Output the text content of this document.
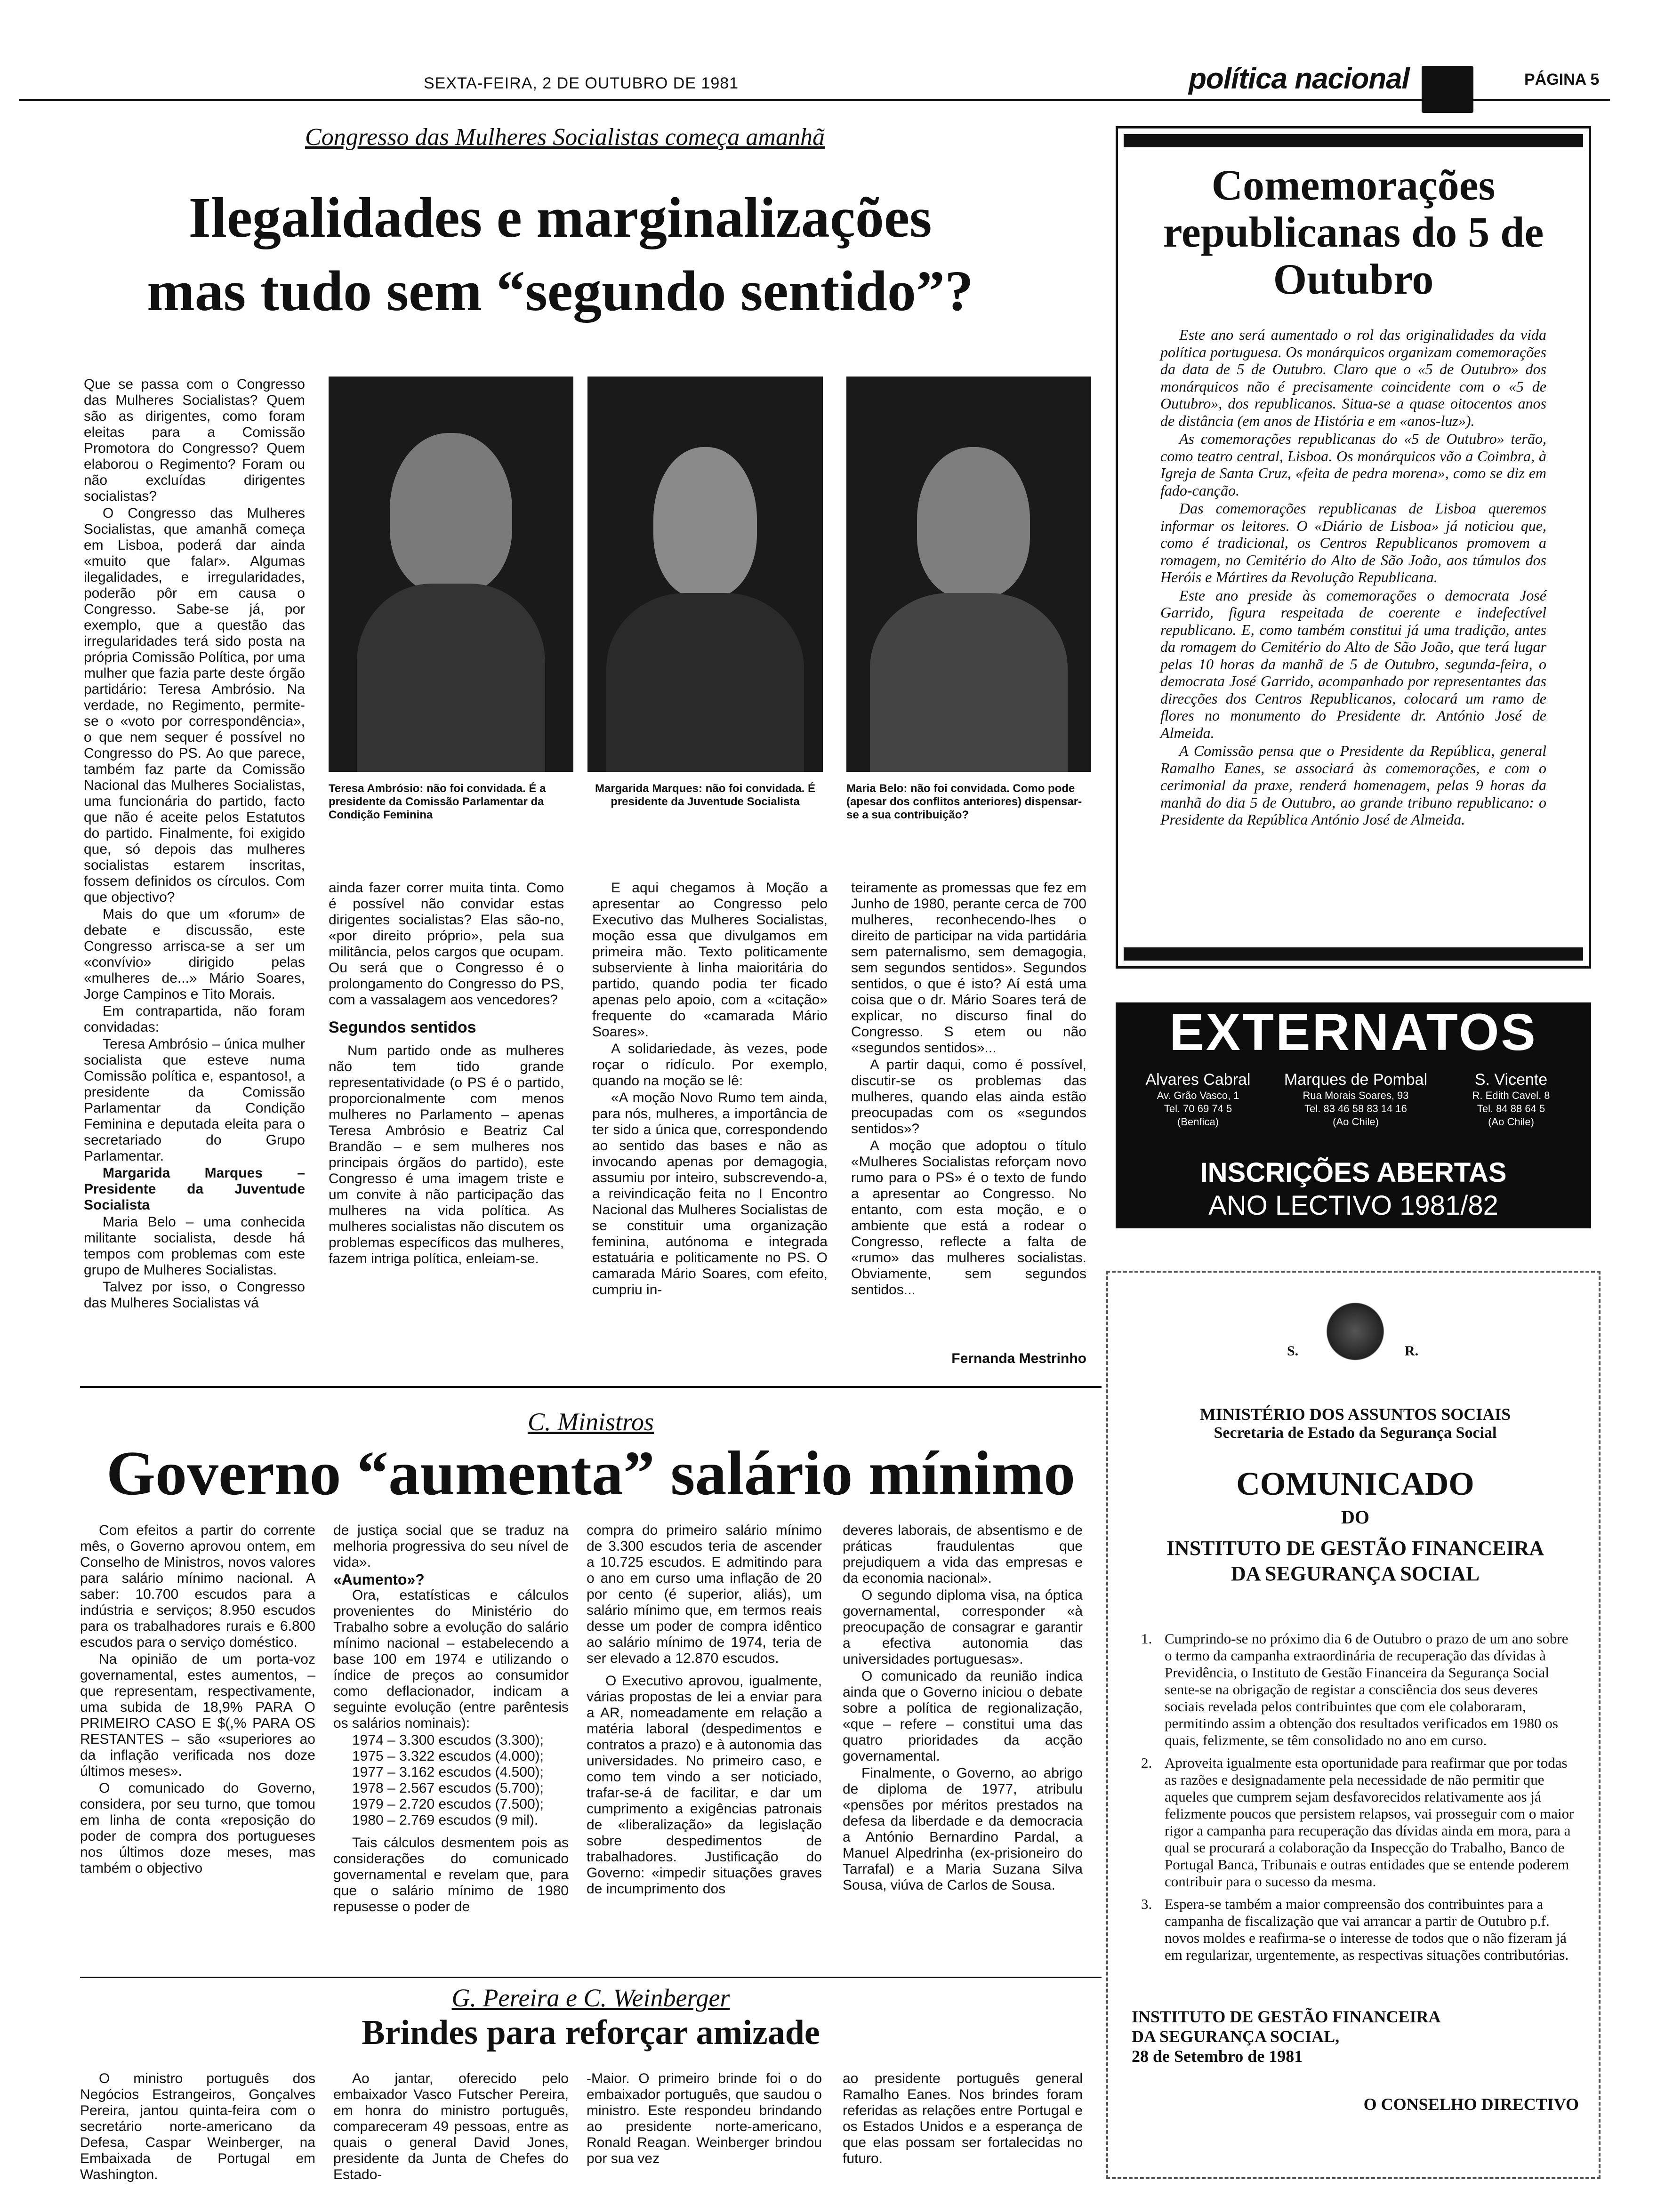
SEXTA-FEIRA, 2 DE OUTUBRO DE 1981	política nacional	PÁGINA 5
Congresso das Mulheres Socialistas começa amanhã
Ilegalidades e marginalizações
mas tudo sem “segundo sentido”?

Que se passa com o Congresso das Mulheres Socialistas? Quem são as dirigentes, como foram eleitas para a Comissão Promotora do Congresso? Quem elaborou o Regimento? Foram ou não excluídas dirigentes socialistas?

O Congresso das Mulheres Socialistas, que amanhã começa em Lisboa, poderá dar ainda «muito que falar». Algumas ilegalidades, e irregularidades, poderão pôr em causa o Congresso. Sabe-se já, por exemplo, que a questão das irregularidades terá sido posta na própria Comissão Política, por uma mulher que fazia parte deste órgão partidário: Teresa Ambrósio. Na verdade, no Regimento, permite-se o «voto por correspondência», o que nem sequer é possível no Congresso do PS. Ao que parece, também faz parte da Comissão Nacional das Mulheres Socialistas, uma funcionária do partido, facto que não é aceite pelos Estatutos do partido. Finalmente, foi exigido que, só depois das mulheres socialistas estarem inscritas, fossem definidos os círculos. Com que objectivo?

Mais do que um «forum» de debate e discussão, este Congresso arrisca-se a ser um «convívio» dirigido pelas «mulheres de...» Mário Soares, Jorge Campinos e Tito Morais.

Em contrapartida, não foram convidadas:

Teresa Ambrósio – única mulher socialista que esteve numa Comissão política e, espantoso!, a presidente da Comissão Parlamentar da Condição Feminina e deputada eleita para o secretariado do Grupo Parlamentar.

Margarida Marques – Presidente da Juventude Socialista

Maria Belo – uma conhecida militante socialista, desde há tempos com problemas com este grupo de Mulheres Socialistas.

Talvez por isso, o Congresso das Mulheres Socialistas vá

Teresa Ambrósio: não foi convidada. É a presidente da Comissão Parlamentar da Condição Feminina
Margarida Marques: não foi convidada. É presidente da Juventude Socialista
Maria Belo: não foi convidada. Como pode (apesar dos conflitos anteriores) dispensar-se a sua contribuição?

ainda fazer correr muita tinta. Como é possível não convidar estas dirigentes socialistas? Elas são-no, «por direito próprio», pela sua militância, pelos cargos que ocupam. Ou será que o Congresso é o prolongamento do Congresso do PS, com a vassalagem aos vencedores?

Segundos sentidos

Num partido onde as mulheres não tem tido grande representatividade (o PS é o partido, proporcionalmente com menos mulheres no Parlamento – apenas Teresa Ambrósio e Beatriz Cal Brandão – e sem mulheres nos principais órgãos do partido), este Congresso é uma imagem triste e um convite à não participação das mulheres na vida política. As mulheres socialistas não discutem os problemas específicos das mulheres, fazem intriga política, enleiam-se.

E aqui chegamos à Moção a apresentar ao Congresso pelo Executivo das Mulheres Socialistas, moção essa que divulgamos em primeira mão. Texto politicamente subserviente à linha maioritária do partido, quando podia ter ficado apenas pelo apoio, com a «citação» frequente do «camarada Mário Soares».

A solidariedade, às vezes, pode roçar o ridículo. Por exemplo, quando na moção se lê:

«A moção Novo Rumo tem ainda, para nós, mulheres, a importância de ter sido a única que, correspondendo ao sentido das bases e não as invocando apenas por demagogia, assumiu por inteiro, subscrevendo-a, a reivindicação feita no I Encontro Nacional das Mulheres Socialistas de se constituir uma organização feminina, autónoma e integrada estatuária e politicamente no PS. O camarada Mário Soares, com efeito, cumpriu in-

teiramente as promessas que fez em Junho de 1980, perante cerca de 700 mulheres, reconhecendo-lhes o direito de participar na vida partidária sem paternalismo, sem demagogia, sem segundos sentidos». Segundos sentidos, o que é isto? Aí está uma coisa que o dr. Mário Soares terá de explicar, no discurso final do Congresso. S etem ou não «segundos sentidos»...

A partir daqui, como é possível, discutir-se os problemas das mulheres, quando elas ainda estão preocupadas com os «segundos sentidos»?

A moção que adoptou o título «Mulheres Socialistas reforçam novo rumo para o PS» é o texto de fundo a apresentar ao Congresso. No entanto, com esta moção, e o ambiente que está a rodear o Congresso, reflecte a falta de «rumo» das mulheres socialistas. Obviamente, sem segundos sentidos...

Fernanda Mestrinho
Comemorações republicanas do 5 de Outubro

Este ano será aumentado o rol das originalidades da vida política portuguesa. Os monárquicos organizam comemorações da data de 5 de Outubro. Claro que o «5 de Outubro» dos monárquicos não é precisamente coincidente com o «5 de Outubro», dos republicanos. Situa-se a quase oitocentos anos de distância (em anos de História e em «anos-luz»).

As comemorações republicanas do «5 de Outubro» terão, como teatro central, Lisboa. Os monárquicos vão a Coimbra, à Igreja de Santa Cruz, «feita de pedra morena», como se diz em fado-canção.

Das comemorações republicanas de Lisboa queremos informar os leitores. O «Diário de Lisboa» já noticiou que, como é tradicional, os Centros Republicanos promovem a romagem, no Cemitério do Alto de São João, aos túmulos dos Heróis e Mártires da Revolução Republicana.

Este ano preside às comemorações o democrata José Garrido, figura respeitada de coerente e indefectível republicano. E, como também constitui já uma tradição, antes da romagem do Cemitério do Alto de São João, que terá lugar pelas 10 horas da manhã de 5 de Outubro, segunda-feira, o democrata José Garrido, acompanhado por representantes das direcções dos Centros Republicanos, colocará um ramo de flores no monumento do Presidente dr. António José de Almeida.

A Comissão pensa que o Presidente da República, general Ramalho Eanes, se associará às comemorações, e com o cerimonial da praxe, renderá homenagem, pelas 9 horas da manhã do dia 5 de Outubro, ao grande tribuno republicano: o Presidente da República António José de Almeida.

EXTERNATOS
Alvares Cabral
Av. Grão Vasco, 1
Tel. 70 69 74 5
(Benfica)
Marques de Pombal
Rua Morais Soares, 93
Tel. 83 46 58 83 14 16
(Ao Chile)
S. Vicente
R. Edith Cavel. 8
Tel. 84 88 64 5
(Ao Chile)
INSCRIÇÕES ABERTAS
ANO LECTIVO 1981/82
S.	R.
MINISTÉRIO DOS ASSUNTOS SOCIAIS
Secretaria de Estado da Segurança Social
COMUNICADO
DO
INSTITUTO DE GESTÃO FINANCEIRA
DA SEGURANÇA SOCIAL
1. Cumprindo-se no próximo dia 6 de Outubro o prazo de um ano sobre o termo da campanha extraordinária de recuperação das dívidas à Previdência, o Instituto de Gestão Financeira da Segurança Social sente-se na obrigação de registar a consciência dos seus deveres sociais revelada pelos contribuintes que com ele colaboraram, permitindo assim a obtenção dos resultados verificados em 1980 os quais, felizmente, se têm consolidado no ano em curso.
2. Aproveita igualmente esta oportunidade para reafirmar que por todas as razões e designadamente pela necessidade de não permitir que aqueles que cumprem sejam desfavorecidos relativamente aos já felizmente poucos que persistem relapsos, vai prosseguir com o maior rigor a campanha para recuperação das dívidas ainda em mora, para a qual se procurará a colaboração da Inspecção do Trabalho, Banco de Portugal Banca, Tribunais e outras entidades que se entende poderem contribuir para o sucesso da mesma.
3. Espera-se também a maior compreensão dos contribuintes para a campanha de fiscalização que vai arrancar a partir de Outubro p.f. novos moldes e reafirma-se o interesse de todos que o não fizeram já em regularizar, urgentemente, as respectivas situações contributórias.
INSTITUTO DE GESTÃO FINANCEIRA
DA SEGURANÇA SOCIAL,
28 de Setembro de 1981
O CONSELHO DIRECTIVO
C. Ministros
Governo “aumenta” salário mínimo

Com efeitos a partir do corrente mês, o Governo aprovou ontem, em Conselho de Ministros, novos valores para salário mínimo nacional. A saber: 10.700 escudos para a indústria e serviços; 8.950 escudos para os trabalhadores rurais e 6.800 escudos para o serviço doméstico.

Na opinião de um porta-voz governamental, estes aumentos, – que representam, respectivamente, uma subida de 18,9% PARA O PRIMEIRO CASO E $(,% PARA OS RESTANTES – são «superiores ao da inflação verificada nos doze últimos meses».

O comunicado do Governo, considera, por seu turno, que tomou em linha de conta «reposição do poder de compra dos portugueses nos últimos doze meses, mas também o objectivo

de justiça social que se traduz na melhoria progressiva do seu nível de vida».

«Aumento»?

Ora, estatísticas e cálculos provenientes do Ministério do Trabalho sobre a evolução do salário mínimo nacional – estabelecendo a base 100 em 1974 e utilizando o índice de preços ao consumidor como deflacionador, indicam a seguinte evolução (entre parêntesis os salários nominais):

1974 – 3.300 escudos (3.300);
1975 – 3.322 escudos (4.000);
1977 – 3.162 escudos (4.500);
1978 – 2.567 escudos (5.700);
1979 – 2.720 escudos (7.500);
1980 – 2.769 escudos (9 mil).

Tais cálculos desmentem pois as considerações do comunicado governamental e revelam que, para que o salário mínimo de 1980 repusesse o poder de

compra do primeiro salário mínimo de 3.300 escudos teria de ascender a 10.725 escudos. E admitindo para o ano em curso uma inflação de 20 por cento (é superior, aliás), um salário mínimo que, em termos reais desse um poder de compra idêntico ao salário mínimo de 1974, teria de ser elevado a 12.870 escudos.

O Executivo aprovou, igualmente, várias propostas de lei a enviar para a AR, nomeadamente em relação a matéria laboral (despedimentos e contratos a prazo) e à autonomia das universidades. No primeiro caso, e como tem vindo a ser noticiado, trafar-se-á de facilitar, e dar um cumprimento a exigências patronais de «liberalização» da legislação sobre despedimentos de trabalhadores. Justificação do Governo: «impedir situações graves de incumprimento dos

deveres laborais, de absentismo e de práticas fraudulentas que prejudiquem a vida das empresas e da economia nacional».

O segundo diploma visa, na óptica governamental, corresponder «à preocupação de consagrar e garantir a efectiva autonomia das universidades portuguesas».

O comunicado da reunião indica ainda que o Governo iniciou o debate sobre a política de regionalização, «que – refere – constitui uma das quatro prioridades da acção governamental.

Finalmente, o Governo, ao abrigo de diploma de 1977, atribulu «pensões por méritos prestados na defesa da liberdade e da democracia a António Bernardino Pardal, a Manuel Alpedrinha (ex-prisioneiro do Tarrafal) e a Maria Suzana Silva Sousa, viúva de Carlos de Sousa.

G. Pereira e C. Weinberger
Brindes para reforçar amizade

O ministro português dos Negócios Estrangeiros, Gonçalves Pereira, jantou quinta-feira com o secretário norte-americano da Defesa, Caspar Weinberger, na Embaixada de Portugal em Washington.

Ao jantar, oferecido pelo embaixador Vasco Futscher Pereira, em honra do ministro português, compareceram 49 pessoas, entre as quais o general David Jones, presidente da Junta de Chefes do Estado-

-Maior. O primeiro brinde foi o do embaixador português, que saudou o ministro. Este respondeu brindando ao presidente norte-americano, Ronald Reagan. Weinberger brindou por sua vez

ao presidente português general Ramalho Eanes. Nos brindes foram referidas as relações entre Portugal e os Estados Unidos e a esperança de que elas possam ser fortalecidas no futuro.
